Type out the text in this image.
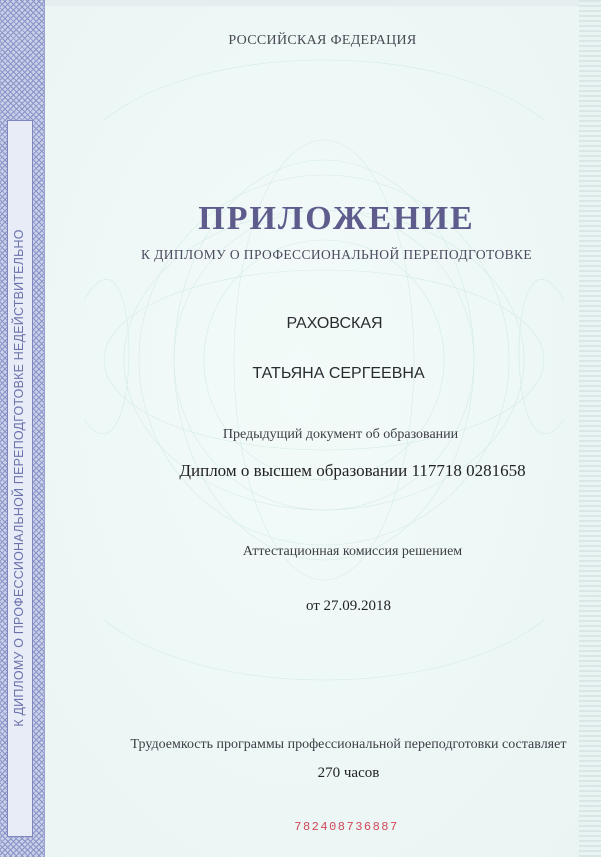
К ДИПЛОМУ О ПРОФЕССИОНАЛЬНОЙ ПЕРЕПОДГОТОВКЕ НЕДЕЙСТВИТЕЛЬНО
РОССИЙСКАЯ ФЕДЕРАЦИЯ
ПРИЛОЖЕНИЕ
К ДИПЛОМУ О ПРОФЕССИОНАЛЬНОЙ ПЕРЕПОДГОТОВКЕ
РАХОВСКАЯ
ТАТЬЯНА СЕРГЕЕВНА
Предыдущий документ об образовании
Диплом о высшем образовании 117718 0281658
Аттестационная комиссия решением
от 27.09.2018
Трудоемкость программы профессиональной переподготовки составляет
270 часов
782408736887
